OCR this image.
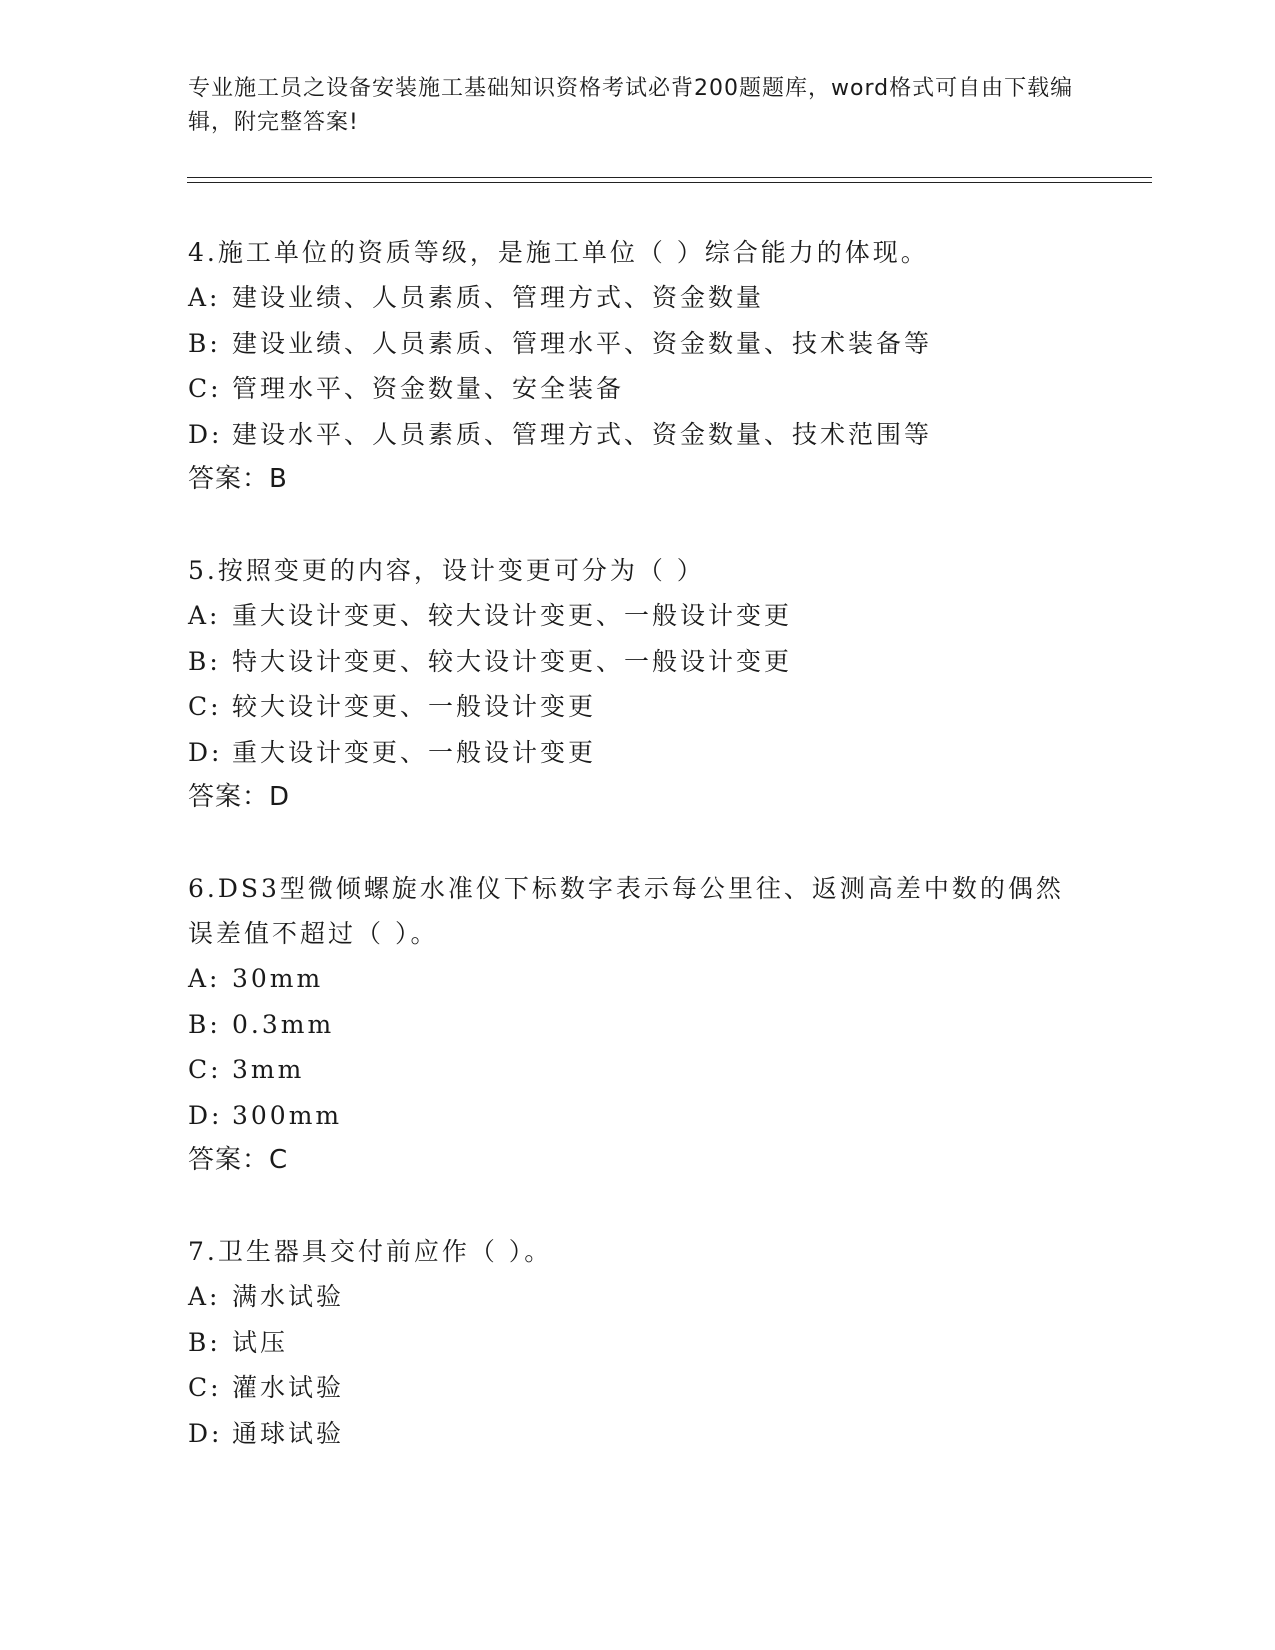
专业施工员之设备安装施工基础知识资格考试必背200题题库，word格式可自由下载编辑，附完整答案!

4.施工单位的资质等级，是施工单位（ ）综合能力的体现。

A: 建设业绩、人员素质、管理方式、资金数量

B: 建设业绩、人员素质、管理水平、资金数量、技术装备等

C: 管理水平、资金数量、安全装备

D: 建设水平、人员素质、管理方式、资金数量、技术范围等

答案：B

5.按照变更的内容，设计变更可分为（ ）

A: 重大设计变更、较大设计变更、一般设计变更

B: 特大设计变更、较大设计变更、一般设计变更

C: 较大设计变更、一般设计变更

D: 重大设计变更、一般设计变更

答案：D

6.DS3型微倾螺旋水准仪下标数字表示每公里往、返测高差中数的偶然误差值不超过（ ）。

A: 30mm

B: 0.3mm

C: 3mm

D: 300mm

答案：C

7.卫生器具交付前应作（ ）。

A: 满水试验

B: 试压

C: 灌水试验

D: 通球试验
